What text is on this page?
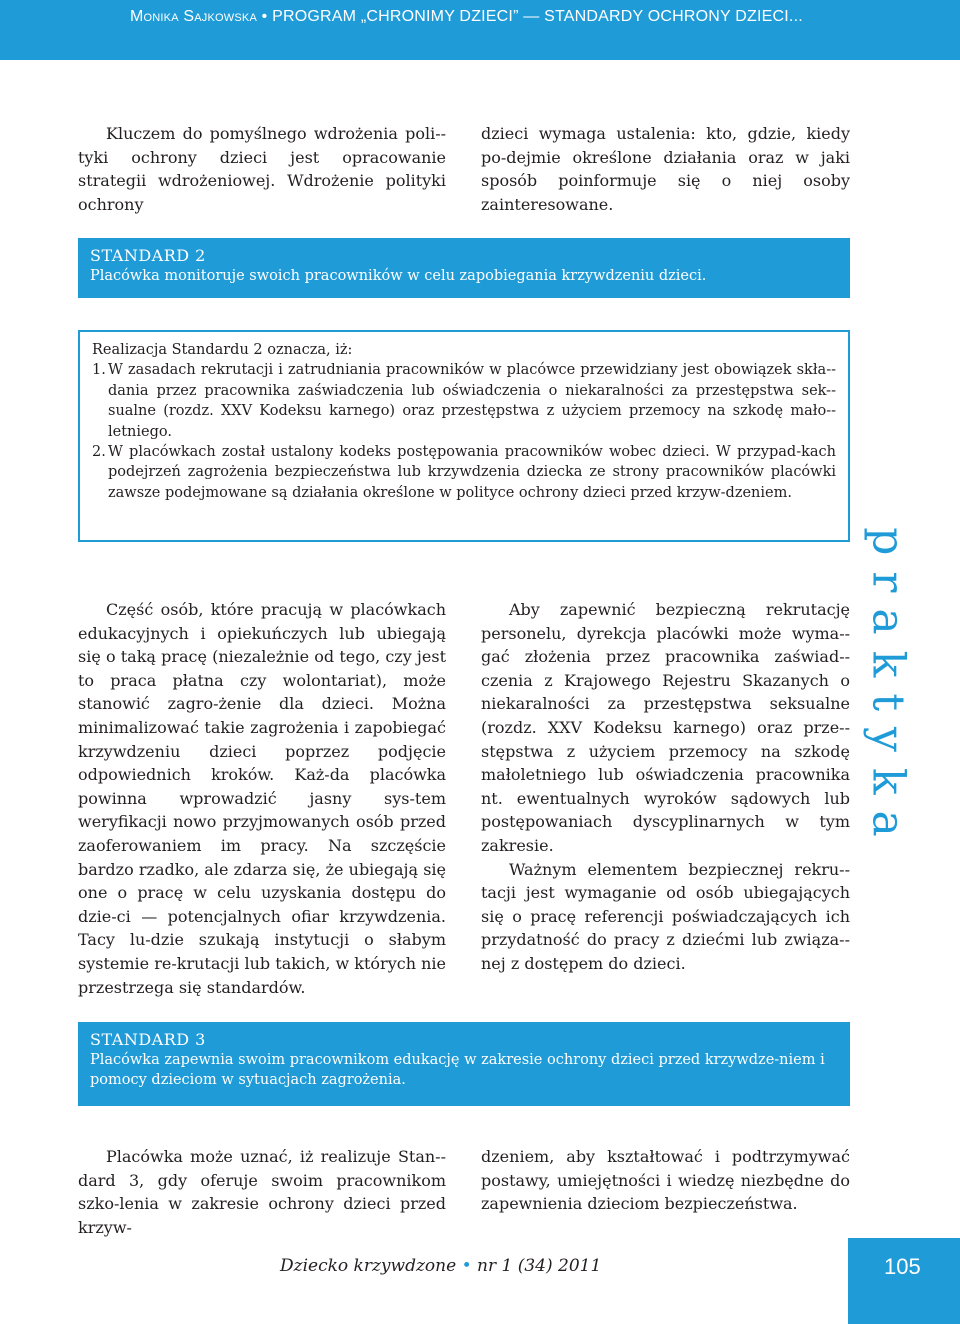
Monika Sajkowska • PROGRAM „CHRONIMY DZIECI” — STANDARDY OCHRONY DZIECI...

Kluczem do pomyślnego wdrożenia poli-tyki ochrony dzieci jest opracowanie strategii wdrożeniowej. Wdrożenie polityki ochrony

dzieci wymaga ustalenia: kto, gdzie, kiedy po-dejmie określone działania oraz w jaki sposób poinformuje się o niej osoby zainteresowane.

STANDARD 2
Placówka monitoruje swoich pracowników w celu zapobiegania krzywdzeniu dzieci.

Realizacja Standardu 2 oznacza, iż:

1. W zasadach rekrutacji i zatrudniania pracowników w placówce przewidziany jest obowiązek skła-dania przez pracownika zaświadczenia lub oświadczenia o niekaralności za przestępstwa sek-sualne (rozdz. XXV Kodeksu karnego) oraz przestępstwa z użyciem przemocy na szkodę mało-letniego.
2. W placówkach został ustalony kodeks postępowania pracowników wobec dzieci. W przypad-kach podejrzeń zagrożenia bezpieczeństwa lub krzywdzenia dziecka ze strony pracowników placówki zawsze podejmowane są działania określone w polityce ochrony dzieci przed krzyw-dzeniem.

Część osób, które pracują w placówkach edukacyjnych i opiekuńczych lub ubiegają się o taką pracę (niezależnie od tego, czy jest to praca płatna czy wolontariat), może stanowić zagro-żenie dla dzieci. Można minimalizować takie zagrożenia i zapobiegać krzywdzeniu dzieci poprzez podjęcie odpowiednich kroków. Każ-da placówka powinna wprowadzić jasny sys-tem weryfikacji nowo przyjmowanych osób przed zaoferowaniem im pracy. Na szczęście bardzo rzadko, ale zdarza się, że ubiegają się one o pracę w celu uzyskania dostępu do dzie-ci — potencjalnych ofiar krzywdzenia. Tacy lu-dzie szukają instytucji o słabym systemie re-krutacji lub takich, w których nie przestrzega się standardów.

Aby zapewnić bezpieczną rekrutację personelu, dyrekcja placówki może wyma-gać złożenia przez pracownika zaświad-czenia z Krajowego Rejestru Skazanych o niekaralności za przestępstwa seksualne (rozdz. XXV Kodeksu karnego) oraz prze-stępstwa z użyciem przemocy na szkodę małoletniego lub oświadczenia pracownika nt. ewentualnych wyroków sądowych lub postępowaniach dyscyplinarnych w tym zakresie.

Ważnym elementem bezpiecznej rekru-tacji jest wymaganie od osób ubiegających się o pracę referencji poświadczających ich przydatność do pracy z dziećmi lub związa-nej z dostępem do dzieci.

STANDARD 3
Placówka zapewnia swoim pracownikom edukację w zakresie ochrony dzieci przed krzywdze-niem i pomocy dzieciom w sytuacjach zagrożenia.

Placówka może uznać, iż realizuje Stan-dard 3, gdy oferuje swoim pracownikom szko-lenia w zakresie ochrony dzieci przed krzyw-

dzeniem, aby kształtować i podtrzymywać postawy, umiejętności i wiedzę niezbędne do zapewnienia dzieciom bezpieczeństwa.

praktyka
Dziecko krzywdzone • nr 1 (34) 2011	105
